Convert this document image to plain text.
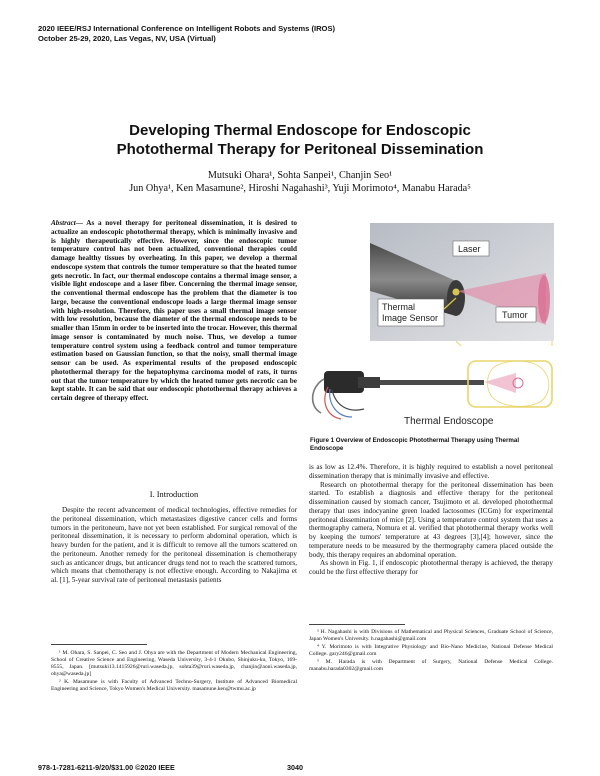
2020 IEEE/RSJ International Conference on Intelligent Robots and Systems (IROS)
October 25-29, 2020, Las Vegas, NV, USA (Virtual)
Developing Thermal Endoscope for Endoscopic
Photothermal Therapy for Peritoneal Dissemination
Mutsuki Ohara¹, Sohta Sanpei¹, Chanjin Seo¹
Jun Ohya¹, Ken Masamune², Hiroshi Nagahashi³, Yuji Morimoto⁴, Manabu Harada⁵

Abstract— As a novel therapy for peritoneal dissemination, it is desired to actualize an endoscopic photothermal therapy, which is minimally invasive and is highly therapeutically effective. However, since the endoscopic tumor temperature control has not been actualized, conventional therapies could damage healthy tissues by overheating. In this paper, we develop a thermal endoscope system that controls the tumor temperature so that the heated tumor gets necrotic. In fact, our thermal endoscope contains a thermal image sensor, a visible light endoscope and a laser fiber. Concerning the thermal image sensor, the conventional thermal endoscope has the problem that the diameter is too large, because the conventional endoscope loads a large thermal image sensor with high-resolution. Therefore, this paper uses a small thermal image sensor with low resolution, because the diameter of the thermal endoscope needs to be smaller than 15mm in order to be inserted into the trocar. However, this thermal image sensor is contaminated by much noise. Thus, we develop a tumor temperature control system using a feedback control and tumor temperature estimation based on Gaussian function, so that the noisy, small thermal image sensor can be used. As experimental results of the proposed endoscopic photothermal therapy for the hepatophyma carcinoma model of rats, it turns out that the tumor temperature by which the heated tumor gets necrotic can be kept stable. It can be said that our endoscopic photothermal therapy achieves a certain degree of therapy effect.

I. Introduction

Despite the recent advancement of medical technologies, effective remedies for the peritoneal dissemination, which metastasizes digestive cancer cells and forms tumors in the peritoneum, have not yet been established. For surgical removal of the peritoneal dissemination, it is necessary to perform abdominal operation, which is heavy burden for the patient, and it is difficult to remove all the tumors scattered on the peritoneum. Another remedy for the peritoneal dissemination is chemotherapy such as anticancer drugs, but anticancer drugs tend not to reach the scattered tumors, which means that chemotherapy is not effective enough. According to Nakajima et al. [1], 5-year survival rate of peritoneal metastasis patients

Laser
Thermal
Image Sensor	Tumor
Thermal Endoscope
Figure 1 Overview of Endoscopic Photothermal Therapy using Thermal Endoscope

is as low as 12.4%. Therefore, it is highly required to establish a novel peritoneal dissemination therapy that is minimally invasive and effective.

Research on photothermal therapy for the peritoneal dissemination has been started. To establish a diagnosis and effective therapy for the peritoneal dissemination caused by stomach cancer, Tsujimoto et al. developed photothermal therapy that uses indocyanine green loaded lactosomes (ICGm) for experimental peritoneal dissemination of mice [2]. Using a temperature control system that uses a thermography camera, Nomura et al. verified that photothermal therapy works well by keeping the tumors' temperature at 43 degrees [3],[4]; however, since the temperature needs to be measured by the thermography camera placed outside the body, this therapy requires an abdominal operation.

As shown in Fig. 1, if endoscopic photothermal therapy is achieved, the therapy could be the first effective therapy for

¹ M. Ohara, S. Sanpei, C. Seo and J. Ohya are with the Department of Modern Mechanical Engineering, School of Creative Science and Engineering, Waseda University, 3-4-1 Okubo, Shinjuku-ku, Tokyo, 169-8555, Japan. [mutsuki13.1415926@ruri.waseda.jp, sohta39@ruri.waseda.jp, chanjin@aoni.waseda.jp, ohya@waseda.jp]

² K. Masamune is with Faculty of Advanced Techno-Surgery, Institute of Advanced Biomedical Engineering and Science, Tokyo Women's Medical University. masamune.ken@twmu.ac.jp

³ H. Nagahashi is with Divisions of Mathematical and Physical Sciences, Graduate School of Science, Japan Women's University. h.nagahashi@gmail.com

⁴ Y. Morimoto is with Integrative Physiology and Bio-Nano Medicine, National Defense Medical College. gary246@gmail.com

⁵ M. Harada is with Department of Surgery, National Defense Medical College. manabu.harada0302@gmail.com

978-1-7281-6211-9/20/$31.00 ©2020 IEEE	3040
